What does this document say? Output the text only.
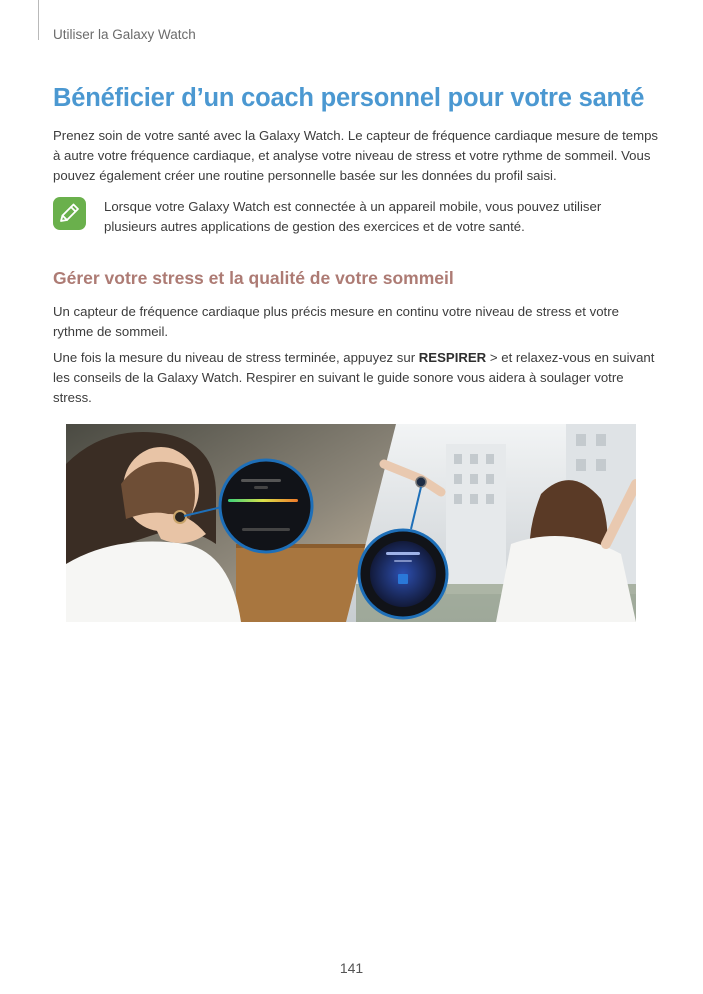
Utiliser la Galaxy Watch
Bénéficier d’un coach personnel pour votre santé

Prenez soin de votre santé avec la Galaxy Watch. Le capteur de fréquence cardiaque mesure de temps à autre votre fréquence cardiaque, et analyse votre niveau de stress et votre rythme de sommeil. Vous pouvez également créer une routine personnelle basée sur les données du profil saisi.

Lorsque votre Galaxy Watch est connectée à un appareil mobile, vous pouvez utiliser plusieurs autres applications de gestion des exercices et de votre santé.

Gérer votre stress et la qualité de votre sommeil

Un capteur de fréquence cardiaque plus précis mesure en continu votre niveau de stress et votre rythme de sommeil.

Une fois la mesure du niveau de stress terminée, appuyez sur RESPIRER > et relaxez-vous en suivant les conseils de la Galaxy Watch. Respirer en suivant le guide sonore vous aidera à soulager votre stress.

141
